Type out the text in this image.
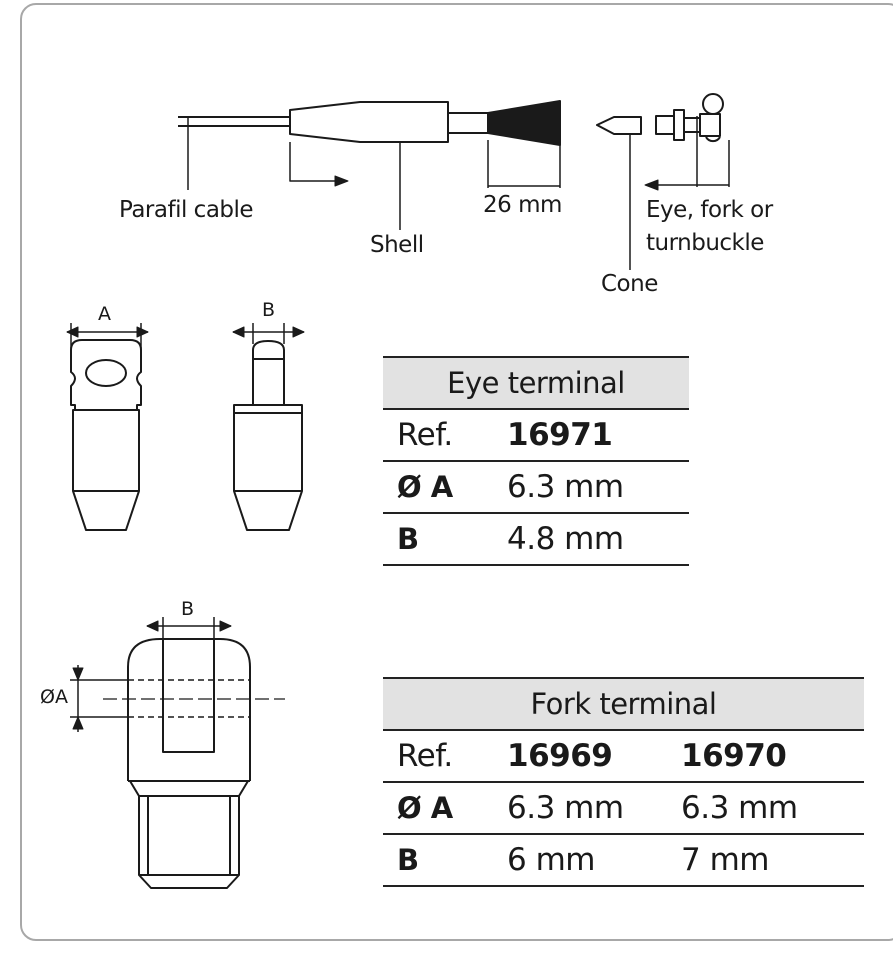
Parafil cable
Shell
26 mm	Eye, fork or
turnbuckle
Cone
A	B
B
ØA
Eye terminal	
Ref.	16971
Ø A	6.3 mm
B	4.8 mm
Fork terminal		
Ref.	16969	16970
Ø A	6.3 mm	6.3 mm
B	6 mm	7 mm
